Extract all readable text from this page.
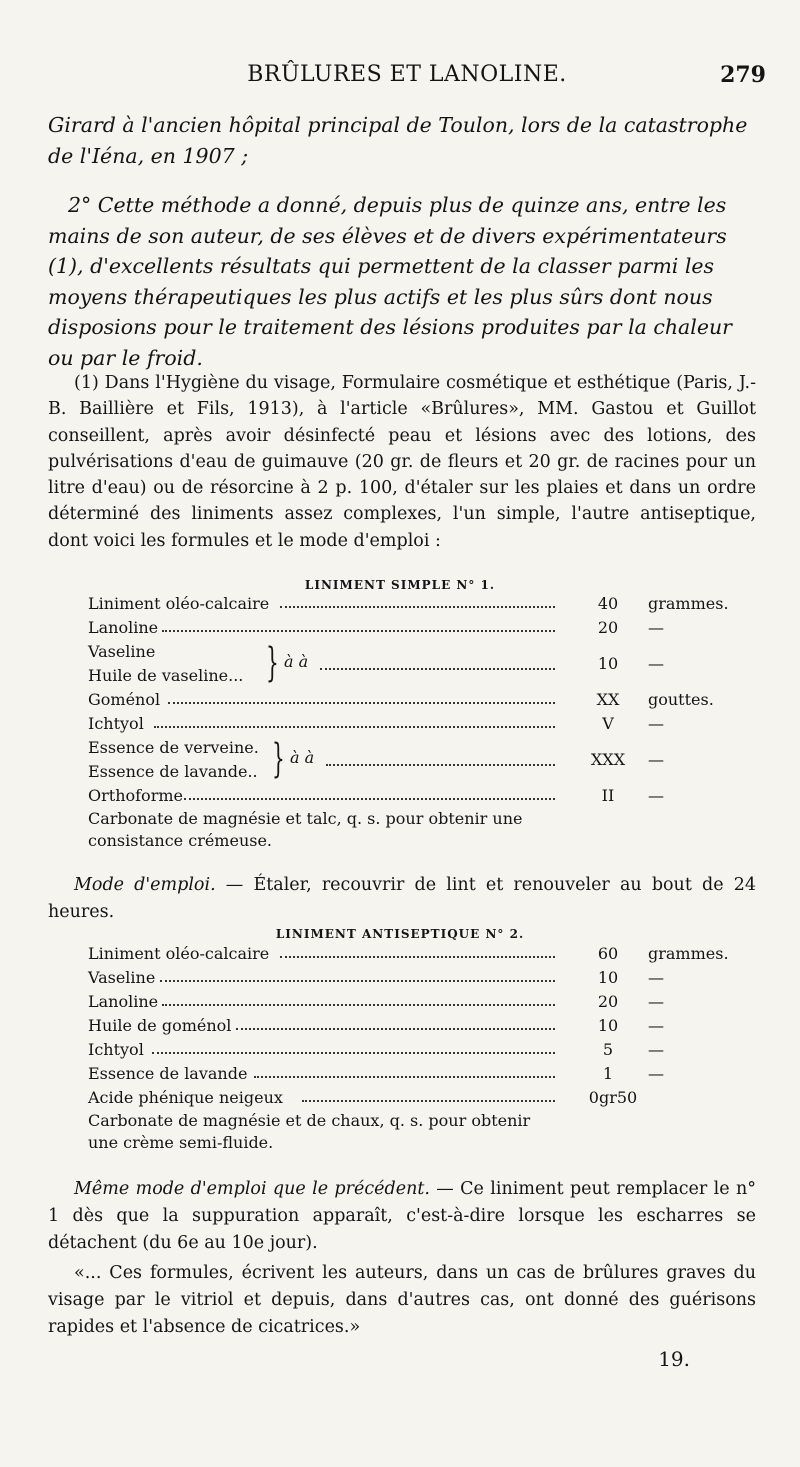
BRÛLURES ET LANOLINE.	279

Girard à l'ancien hôpital principal de Toulon, lors de la catastrophe de l'Iéna, en 1907 ;

2° Cette méthode a donné, depuis plus de quinze ans, entre les mains de son auteur, de ses élèves et de divers expérimentateurs (1), d'excellents résultats qui permettent de la classer parmi les moyens thérapeutiques les plus actifs et les plus sûrs dont nous disposions pour le traitement des lésions produites par la chaleur ou par le froid.

(1) Dans l'Hygiène du visage, Formulaire cosmétique et esthétique (Paris, J.-B. Baillière et Fils, 1913), à l'article «Brûlures», MM. Gastou et Guillot conseillent, après avoir désinfecté peau et lésions avec des lotions, des pulvérisations d'eau de guimauve (20 gr. de fleurs et 20 gr. de racines pour un litre d'eau) ou de résorcine à 2 p. 100, d'étaler sur les plaies et dans un ordre déterminé des liniments assez complexes, l'un simple, l'autre antiseptique, dont voici les formules et le mode d'emploi :

LINIMENT SIMPLE N° 1.
Liniment oléo-calcaire	40	grammes.
Lanoline	20	—
Vaseline
Huile de vaseline... } à à	10	—
Goménol	XX	gouttes.
Ichtyol	V	—
Essence de verveine.
Essence de lavande.. } à à	XXX	—
Orthoforme	II	—
Carbonate de magnésie et talc, q. s. pour obtenir une consistance crémeuse.
Mode d'emploi. — Étaler, recouvrir de lint et renouveler au bout de 24 heures.
LINIMENT ANTISEPTIQUE N° 2.
Liniment oléo-calcaire	60	grammes.
Vaseline	10	—
Lanoline	20	—
Huile de goménol	10	—
Ichtyol	5	—
Essence de lavande	1	—
Acide phénique neigeux	0gr50
Carbonate de magnésie et de chaux, q. s. pour obtenir une crème semi-fluide.
Même mode d'emploi que le précédent. — Ce liniment peut remplacer le n° 1 dès que la suppuration apparaît, c'est-à-dire lorsque les escharres se détachent (du 6e au 10e jour).
«... Ces formules, écrivent les auteurs, dans un cas de brûlures graves du visage par le vitriol et depuis, dans d'autres cas, ont donné des guérisons rapides et l'absence de cicatrices.»
19.
